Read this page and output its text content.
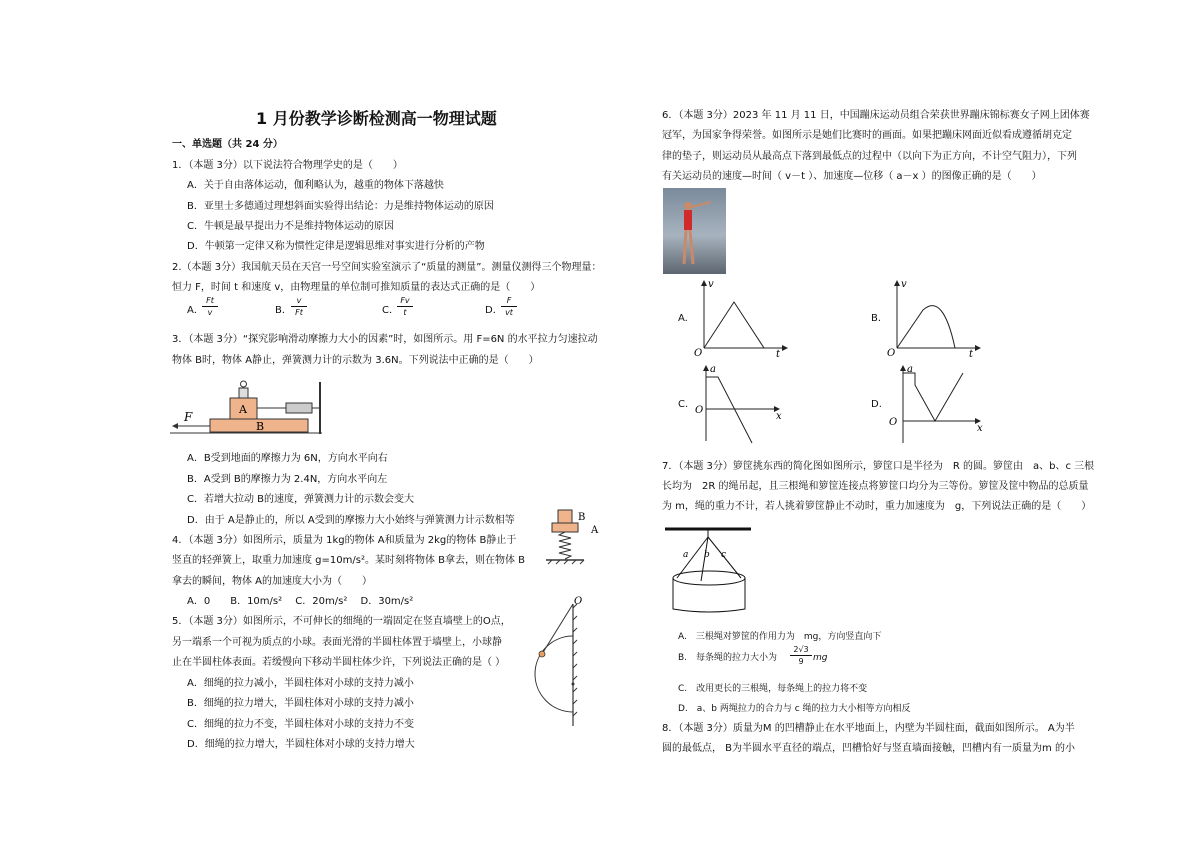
1 月份教学诊断检测高一物理试题
一、单选题（共 24 分）
1．（本题 3分）以下说法符合物理学史的是（　　）
A．关于自由落体运动，伽利略认为，越重的物体下落越快
B．亚里士多德通过理想斜面实验得出结论：力是维持物体运动的原因
C．牛顿是最早提出力不是维持物体运动的原因
D．牛顿第一定律又称为惯性定律是逻辑思维对事实进行分析的产物
2.（本题 3分）我国航天员在天宫一号空间实验室演示了“质量的测量”。测量仪测得三个物理量：
恒力 F，时间 t 和速度 v，由物理量的单位制可推知质量的表达式正确的是（　　）
A．
Ft
v	B．
v
Ft	C．
Fv
t	D．
F
vt
3．（本题 3分）“探究影响滑动摩擦力大小的因素”时，如图所示。用 F=6N 的水平拉力匀速拉动
物体 B时，物体 A静止，弹簧测力计的示数为 3.6N。下列说法中正确的是（　　）
F
A
B
A．B受到地面的摩擦力为 6N，方向水平向右
B．A受到 B的摩擦力为 2.4N，方向水平向左
C．若增大拉动 B的速度，弹簧测力计的示数会变大
D．由于 A是静止的，所以 A受到的摩擦力大小始终与弹簧测力计示数相等
4．（本题 3分）如图所示，质量为 1kg的物体 A和质量为 2kg的物体 B静止于
竖直的轻弹簧上，取重力加速度 g=10m/s²。某时刻将物体 B拿去，则在物体 B
拿去的瞬间，物体 A的加速度大小为（　　）
A．0　　B．10m/s²　 C．20m/s²　 D．30m/s²
B
A
5．（本题 3分）如图所示，不可伸长的细绳的一端固定在竖直墙壁上的O点，
另一端系一个可视为质点的小球。表面光滑的半圆柱体置于墙壁上，小球静
止在半圆柱体表面。若缓慢向下移动半圆柱体少许，下列说法正确的是（ ）
A．细绳的拉力减小，半圆柱体对小球的支持力减小
B．细绳的拉力增大，半圆柱体对小球的支持力减小
C．细绳的拉力不变，半圆柱体对小球的支持力不变
D．细绳的拉力增大，半圆柱体对小球的支持力增大
O
6．（本题 3分）2023 年 11 月 11 日，中国蹦床运动员组合荣获世界蹦床锦标赛女子网上团体赛
冠军，为国家争得荣誉。如图所示是她们比赛时的画面。如果把蹦床网面近似看成遵循胡克定
律的垫子，则运动员从最高点下落到最低点的过程中（以向下为正方向，不计空气阻力），下列
有关运动员的速度—时间（ v－t ）、加速度—位移（ a－x ）的图像正确的是（　　）
A.
v
t
O
B.
v
t
O
C.
a
x
O
D.
a
x
O
7．（本题 3分）箩筐挑东西的简化图如图所示，箩筐口是半径为　R 的圆。箩筐由　a、b、c 三根
长均为　2R 的绳吊起，且三根绳和箩筐连接点将箩筐口均分为三等份。箩筐及筐中物品的总质量
为 m，绳的重力不计，若人挑着箩筐静止不动时，重力加速度为　g，下列说法正确的是（　　）
a b c
A.　三根绳对箩筐的作用力为　mg，方向竖直向下
B.　每条绳的拉力大小为
2√3
9	mg
C.　改用更长的三根绳，每条绳上的拉力将不变
D.　a、b 两绳拉力的合力与 c 绳的拉力大小相等方向相反
8．（本题 3分）质量为M 的凹槽静止在水平地面上，内壁为半圆柱面，截面如图所示。 A为半
圆的最低点， B为半圆水平直径的端点，凹槽恰好与竖直墙面接触，凹槽内有一质量为m 的小
